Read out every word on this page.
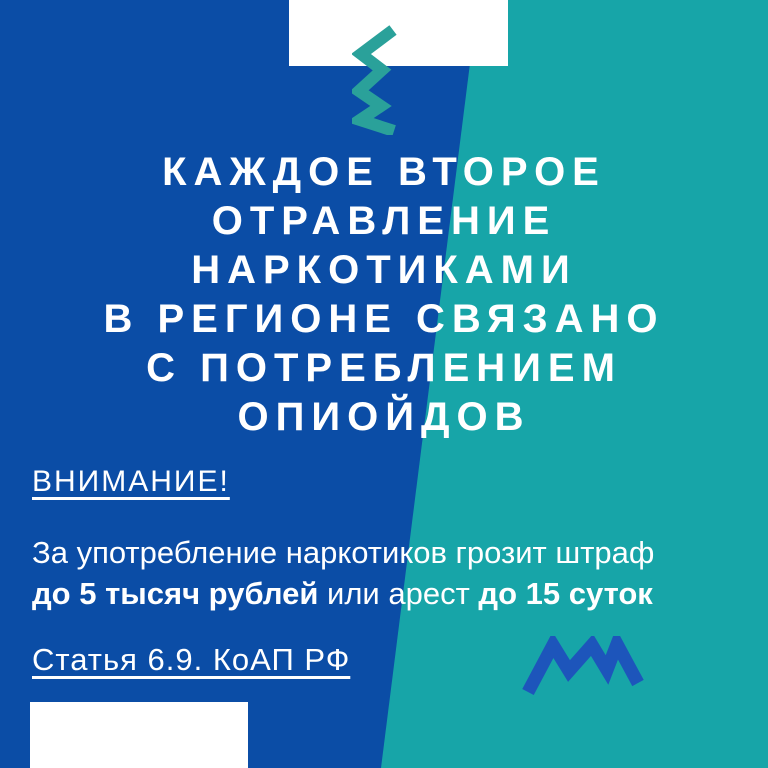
КАЖДОЕ ВТОРОЕ
ОТРАВЛЕНИЕ
НАРКОТИКАМИ
В РЕГИОНЕ СВЯЗАНО
С ПОТРЕБЛЕНИЕМ
ОПИОЙДОВ
ВНИМАНИЕ!

За употребление наркотиков грозит штраф
до 5 тысяч рублей или арест до 15 суток

Статья 6.9. КоАП РФ
